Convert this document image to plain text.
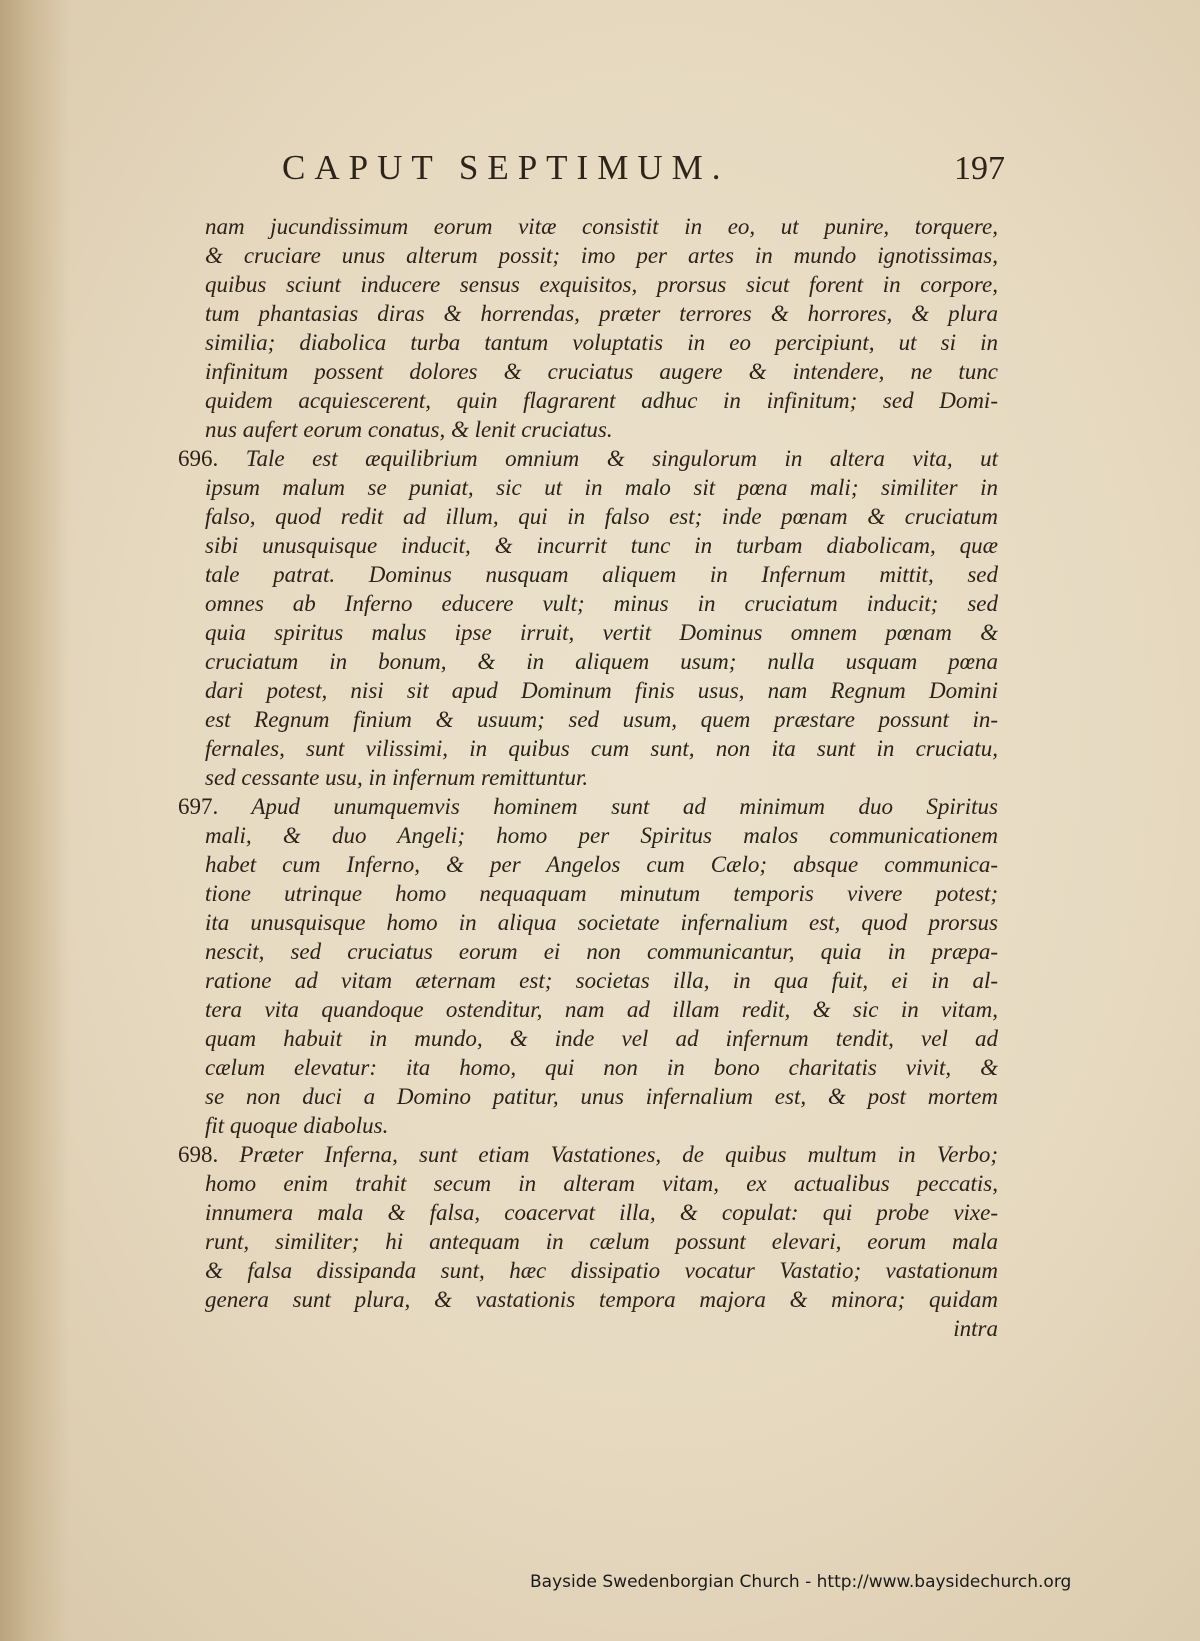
CAPUT SEPTIMUM.	197
nam jucundissimum eorum vitæ consistit in eo, ut punire, torquere,
& cruciare unus alterum possit; imo per artes in mundo ignotissimas,
quibus sciunt inducere sensus exquisitos, prorsus sicut forent in corpore,
tum phantasias diras & horrendas, præter terrores & horrores, & plura
similia; diabolica turba tantum voluptatis in eo percipiunt, ut si in
infinitum possent dolores & cruciatus augere & intendere, ne tunc
quidem acquiescerent, quin flagrarent adhuc in infinitum; sed Domi-
nus aufert eorum conatus, & lenit cruciatus.
696. Tale est æquilibrium omnium & singulorum in altera vita, ut
ipsum malum se puniat, sic ut in malo sit pœna mali; similiter in
falso, quod redit ad illum, qui in falso est; inde pœnam & cruciatum
sibi unusquisque inducit, & incurrit tunc in turbam diabolicam, quæ
tale patrat. Dominus nusquam aliquem in Infernum mittit, sed
omnes ab Inferno educere vult; minus in cruciatum inducit; sed
quia spiritus malus ipse irruit, vertit Dominus omnem pœnam &
cruciatum in bonum, & in aliquem usum; nulla usquam pœna
dari potest, nisi sit apud Dominum finis usus, nam Regnum Domini
est Regnum finium & usuum; sed usum, quem præstare possunt in-
fernales, sunt vilissimi, in quibus cum sunt, non ita sunt in cruciatu,
sed cessante usu, in infernum remittuntur.
697. Apud unumquemvis hominem sunt ad minimum duo Spiritus
mali, & duo Angeli; homo per Spiritus malos communicationem
habet cum Inferno, & per Angelos cum Cælo; absque communica-
tione utrinque homo nequaquam minutum temporis vivere potest;
ita unusquisque homo in aliqua societate infernalium est, quod prorsus
nescit, sed cruciatus eorum ei non communicantur, quia in præpa-
ratione ad vitam æternam est; societas illa, in qua fuit, ei in al-
tera vita quandoque ostenditur, nam ad illam redit, & sic in vitam,
quam habuit in mundo, & inde vel ad infernum tendit, vel ad
cælum elevatur: ita homo, qui non in bono charitatis vivit, &
se non duci a Domino patitur, unus infernalium est, & post mortem
fit quoque diabolus.
698. Præter Inferna, sunt etiam Vastationes, de quibus multum in Verbo;
homo enim trahit secum in alteram vitam, ex actualibus peccatis,
innumera mala & falsa, coacervat illa, & copulat: qui probe vixe-
runt, similiter; hi antequam in cælum possunt elevari, eorum mala
& falsa dissipanda sunt, hæc dissipatio vocatur Vastatio; vastationum
genera sunt plura, & vastationis tempora majora & minora; quidam
intra
Bayside Swedenborgian Church - http://www.baysidechurch.org
